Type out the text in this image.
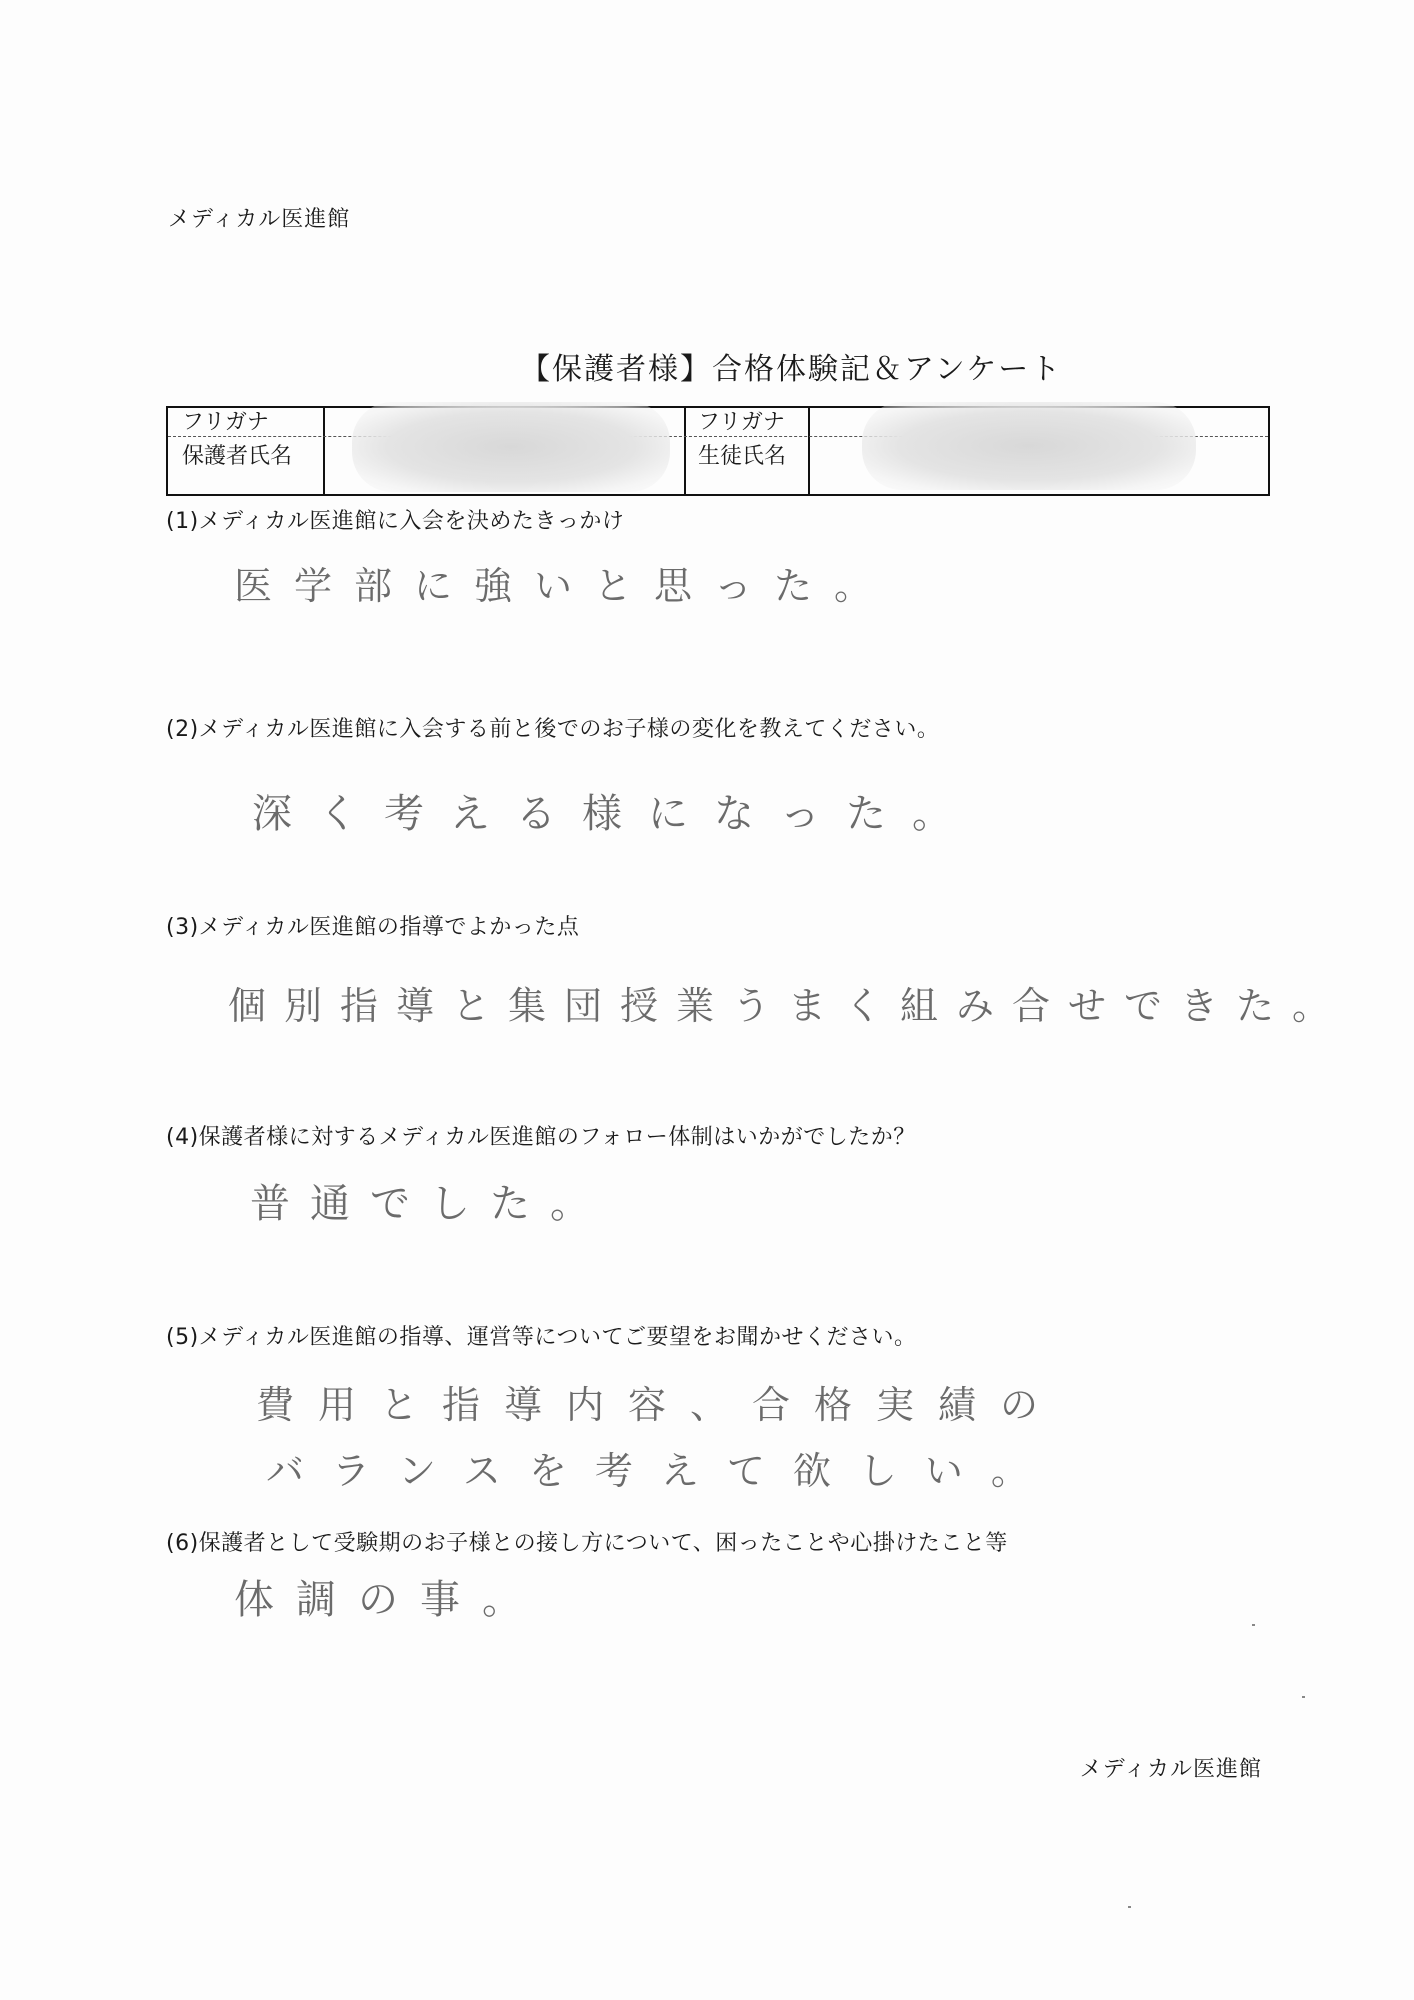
メディカル医進館
【保護者様】合格体験記＆アンケート
フリガナ
保護者氏名
フリガナ
生徒氏名
(1)メディカル医進館に入会を決めたきっかけ
医学部に強いと思った。
(2)メディカル医進館に入会する前と後でのお子様の変化を教えてください。
深く考える様になった。
(3)メディカル医進館の指導でよかった点
個別指導と集団授業うまく組み合せできた。
(4)保護者様に対するメディカル医進館のフォロー体制はいかがでしたか？
普通でした。
(5)メディカル医進館の指導、運営等についてご要望をお聞かせください。
費用と指導内容、合格実績の
バランスを考えて欲しい。
(6)保護者として受験期のお子様との接し方について、困ったことや心掛けたこと等
体調の事。
メディカル医進館
